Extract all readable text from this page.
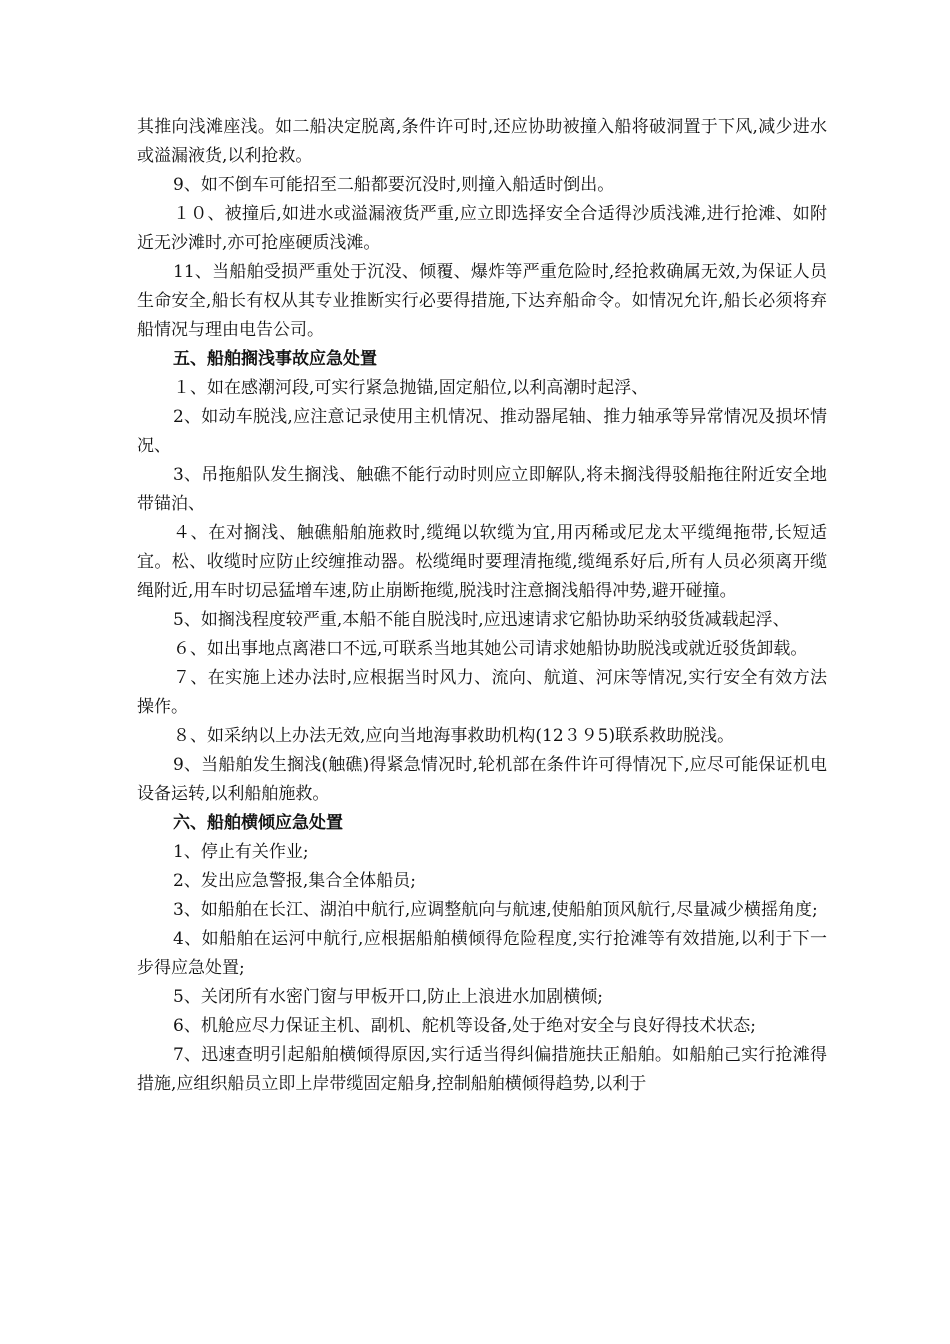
其推向浅滩座浅。如二船决定脱离,条件许可时,还应协助被撞入船将破洞置于下风,减少进水或溢漏液货,以利抢救。

9、如不倒车可能招至二船都要沉没时,则撞入船适时倒出。

１０、被撞后,如进水或溢漏液货严重,应立即选择安全合适得沙质浅滩,进行抢滩、如附近无沙滩时,亦可抢座硬质浅滩。

11、当船舶受损严重处于沉没、倾覆、爆炸等严重危险时,经抢救确属无效,为保证人员生命安全,船长有权从其专业推断实行必要得措施,下达弃船命令。如情况允许,船长必须将弃船情况与理由电告公司。

五、船舶搁浅事故应急处置

１、如在感潮河段,可实行紧急抛锚,固定船位,以利高潮时起浮、

2、如动车脱浅,应注意记录使用主机情况、推动器尾轴、推力轴承等异常情况及损坏情况、

3、吊拖船队发生搁浅、触礁不能行动时则应立即解队,将未搁浅得驳船拖往附近安全地带锚泊、

４、在对搁浅、触礁船舶施救时,缆绳以软缆为宜,用丙稀或尼龙太平缆绳拖带,长短适宜。松、收缆时应防止绞缠推动器。松缆绳时要理清拖缆,缆绳系好后,所有人员必须离开缆绳附近,用车时切忌猛增车速,防止崩断拖缆,脱浅时注意搁浅船得冲势,避开碰撞。

5、如搁浅程度较严重,本船不能自脱浅时,应迅速请求它船协助采纳驳货减载起浮、

６、如出事地点离港口不远,可联系当地其她公司请求她船协助脱浅或就近驳货卸载。

７、在实施上述办法时,应根据当时风力、流向、航道、河床等情况,实行安全有效方法操作。

８、如采纳以上办法无效,应向当地海事救助机构(12３９5)联系救助脱浅。

9、当船舶发生搁浅(触礁)得紧急情况时,轮机部在条件许可得情况下,应尽可能保证机电设备运转,以利船舶施救。

六、船舶横倾应急处置

1、停止有关作业;

2、发出应急警报,集合全体船员;

3、如船舶在长江、湖泊中航行,应调整航向与航速,使船舶顶风航行,尽量减少横摇角度;

4、如船舶在运河中航行,应根据船舶横倾得危险程度,实行抢滩等有效措施,以利于下一步得应急处置;

5、关闭所有水密门窗与甲板开口,防止上浪进水加剧横倾;

6、机舱应尽力保证主机、副机、舵机等设备,处于绝对安全与良好得技术状态;

7、迅速查明引起船舶横倾得原因,实行适当得纠偏措施扶正船舶。如船舶己实行抢滩得措施,应组织船员立即上岸带缆固定船身,控制船舶横倾得趋势,以利于
